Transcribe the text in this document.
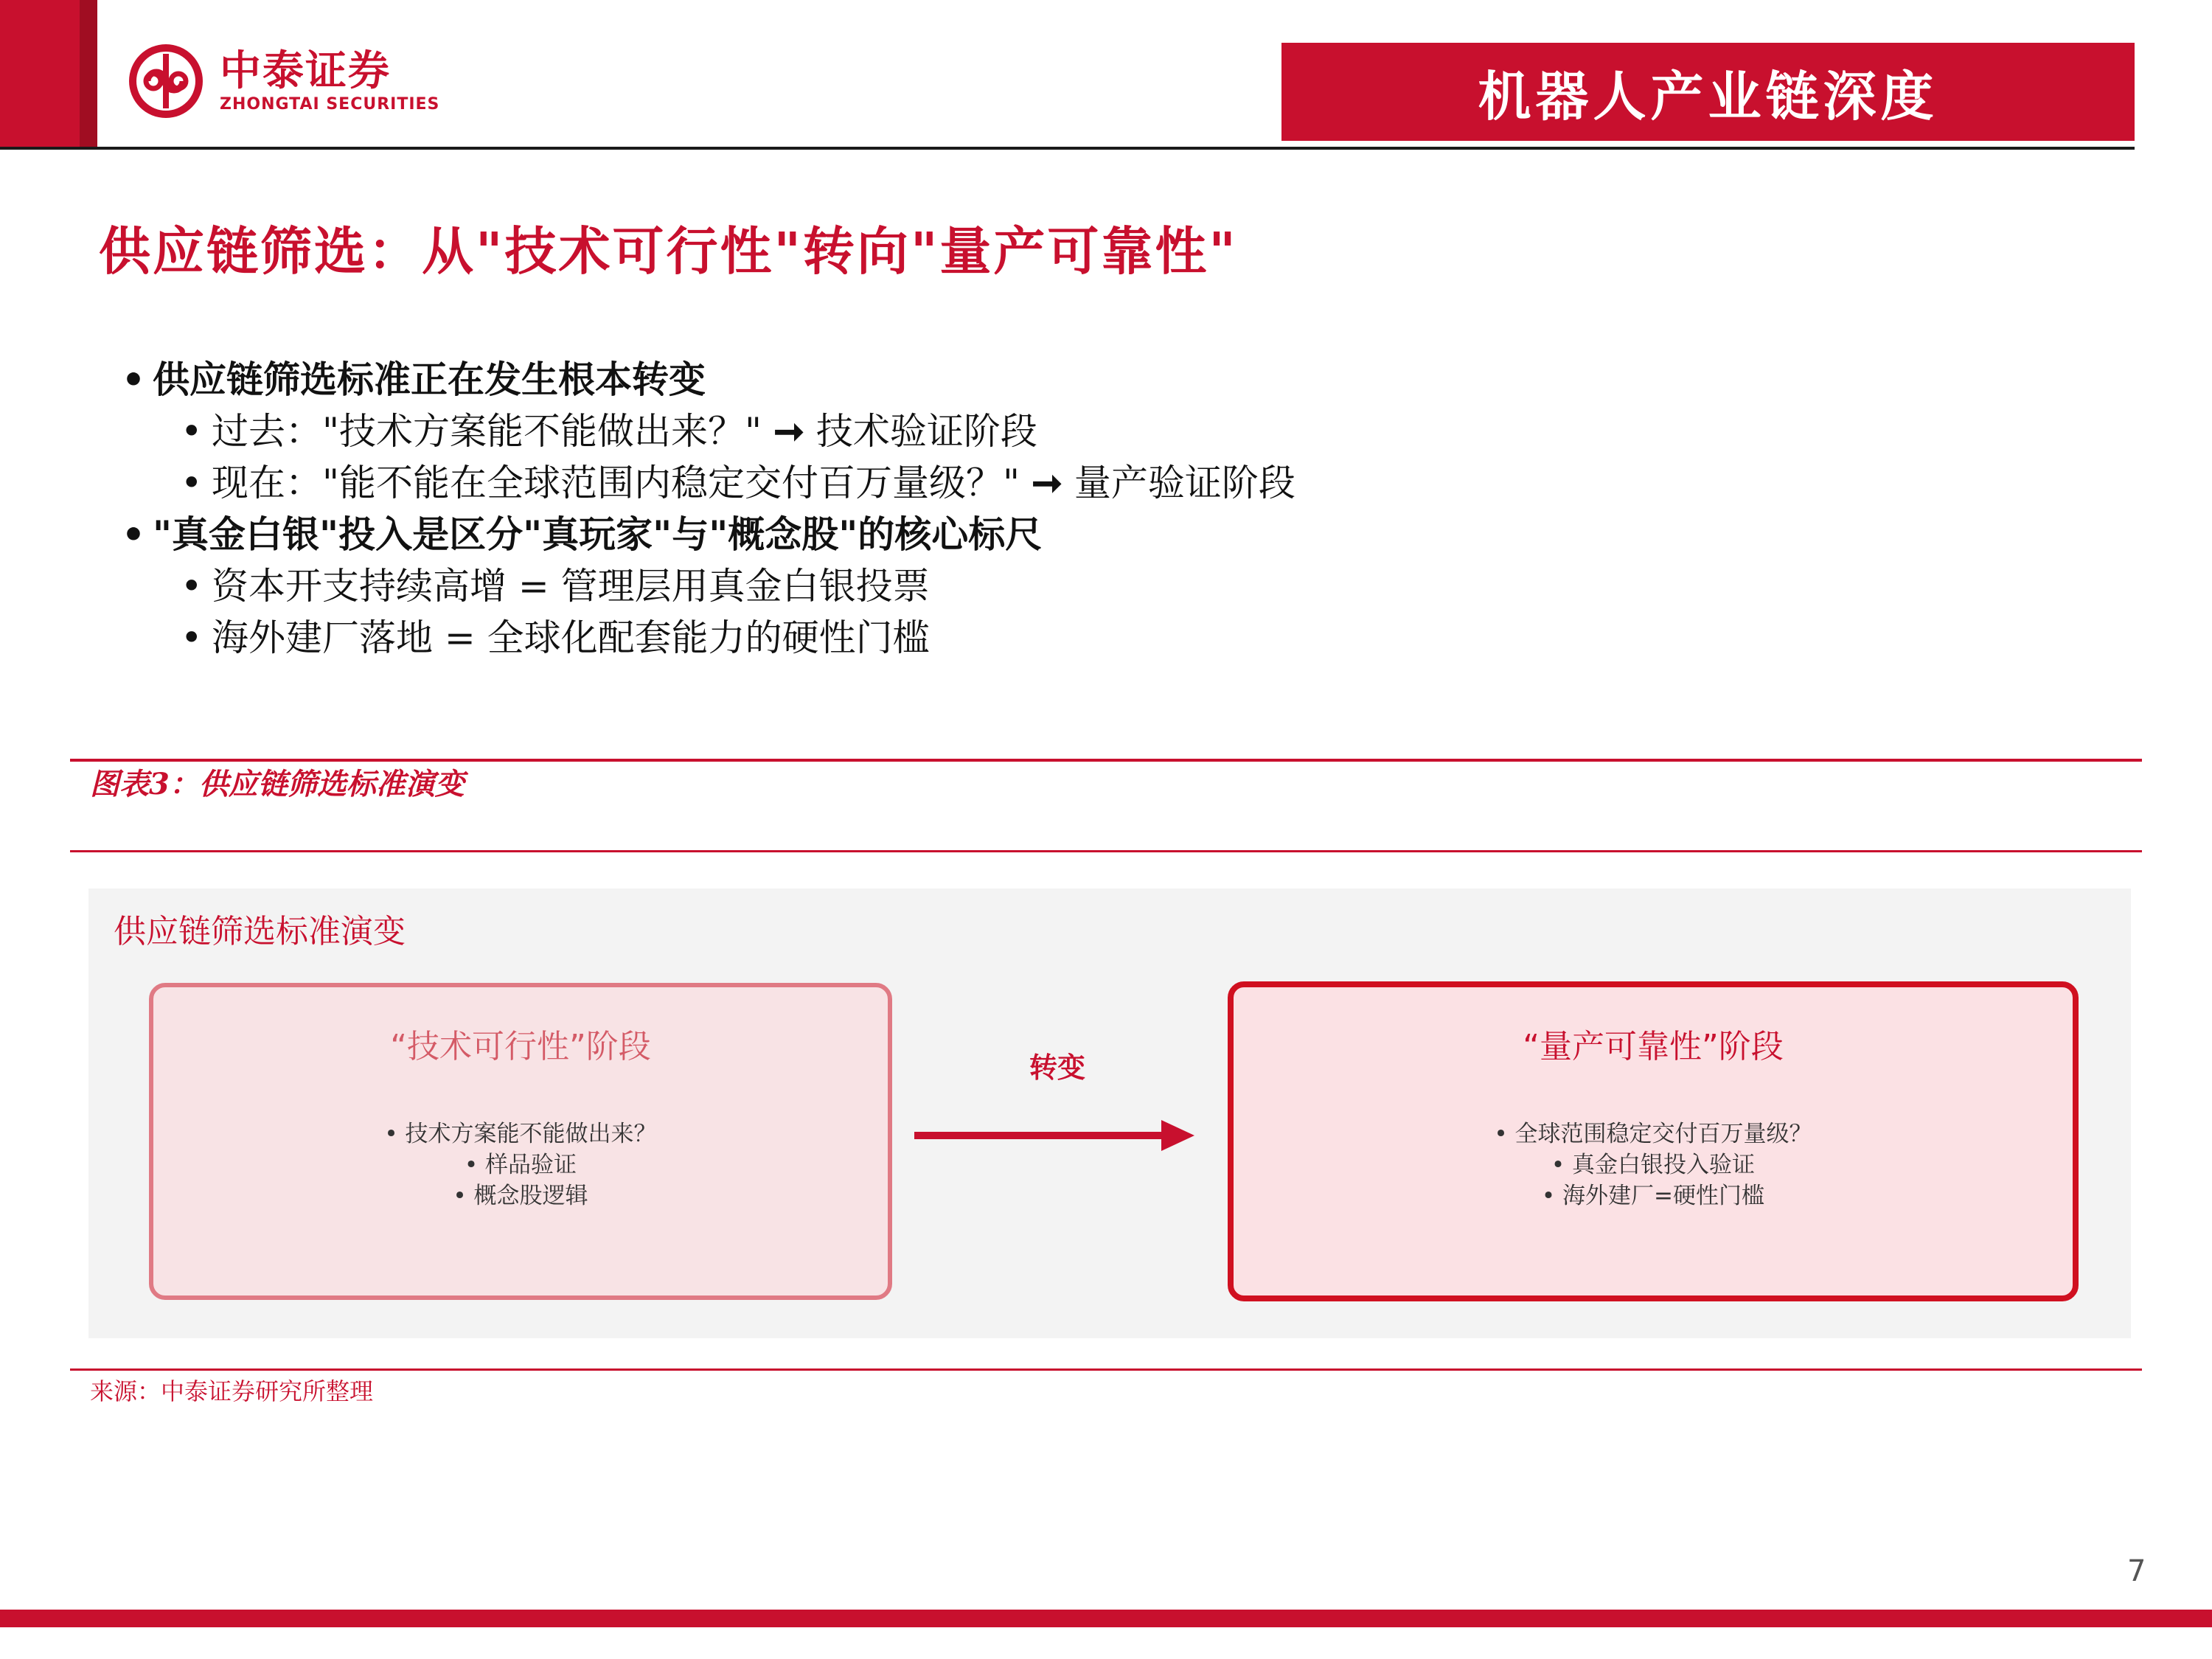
中泰证券
ZHONGTAI SECURITIES	机器人产业链深度
供应链筛选：从"技术可行性"转向"量产可靠性"
• 供应链筛选标准正在发生根本转变
• 过去："技术方案能不能做出来？" ➞ 技术验证阶段
• 现在："能不能在全球范围内稳定交付百万量级？" ➞ 量产验证阶段
• "真金白银"投入是区分"真玩家"与"概念股"的核心标尺
• 资本开支持续高增 = 管理层用真金白银投票
• 海外建厂落地 = 全球化配套能力的硬性门槛
图表3：供应链筛选标准演变
供应链筛选标准演变
“技术可行性”阶段
• 技术方案能不能做出来？
• 样品验证
• 概念股逻辑
转变
“量产可靠性”阶段
• 全球范围稳定交付百万量级？
• 真金白银投入验证
• 海外建厂=硬性门槛
来源：中泰证券研究所整理
7
